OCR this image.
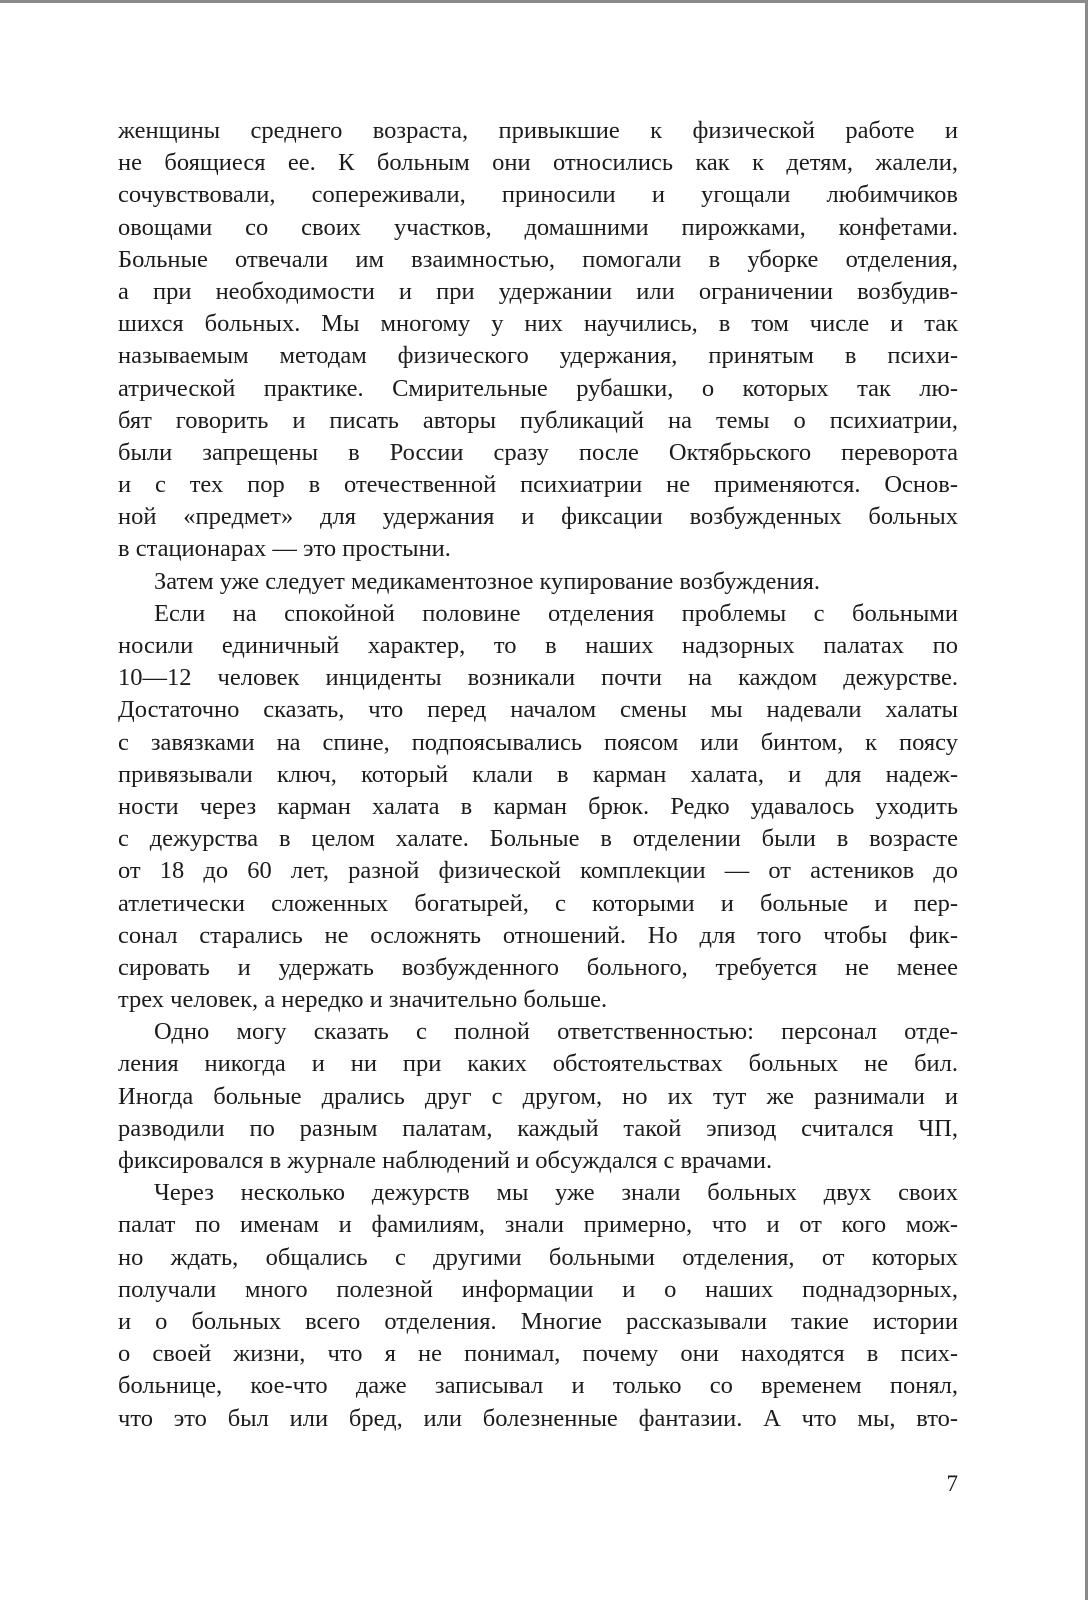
женщины среднего возраста, привыкшие к физической работе и
не боящиеся ее. К больным они относились как к детям, жалели,
сочувствовали, сопереживали, приносили и угощали любимчиков
овощами со своих участков, домашними пирожками, конфетами.
Больные отвечали им взаимностью, помогали в уборке отделения,
а при необходимости и при удержании или ограничении возбудив-
шихся больных. Мы многому у них научились, в том числе и так
называемым методам физического удержания, принятым в психи-
атрической практике. Смирительные рубашки, о которых так лю-
бят говорить и писать авторы публикаций на темы о психиатрии,
были запрещены в России сразу после Октябрьского переворота
и с тех пор в отечественной психиатрии не применяются. Основ-
ной «предмет» для удержания и фиксации возбужденных больных
в стационарах — это простыни.
Затем уже следует медикаментозное купирование возбуждения.
Если на спокойной половине отделения проблемы с больными
носили единичный характер, то в наших надзорных палатах по
10—12 человек инциденты возникали почти на каждом дежурстве.
Достаточно сказать, что перед началом смены мы надевали халаты
с завязками на спине, подпоясывались поясом или бинтом, к поясу
привязывали ключ, который клали в карман халата, и для надеж-
ности через карман халата в карман брюк. Редко удавалось уходить
с дежурства в целом халате. Больные в отделении были в возрасте
от 18 до 60 лет, разной физической комплекции — от астеников до
атлетически сложенных богатырей, с которыми и больные и пер-
сонал старались не осложнять отношений. Но для того чтобы фик-
сировать и удержать возбужденного больного, требуется не менее
трех человек, а нередко и значительно больше.
Одно могу сказать с полной ответственностью: персонал отде-
ления никогда и ни при каких обстоятельствах больных не бил.
Иногда больные дрались друг с другом, но их тут же разнимали и
разводили по разным палатам, каждый такой эпизод считался ЧП,
фиксировался в журнале наблюдений и обсуждался с врачами.
Через несколько дежурств мы уже знали больных двух своих
палат по именам и фамилиям, знали примерно, что и от кого мож-
но ждать, общались с другими больными отделения, от которых
получали много полезной информации и о наших поднадзорных,
и о больных всего отделения. Многие рассказывали такие истории
о своей жизни, что я не понимал, почему они находятся в псих-
больнице, кое-что даже записывал и только со временем понял,
что это был или бред, или болезненные фантазии. А что мы, вто-
7
